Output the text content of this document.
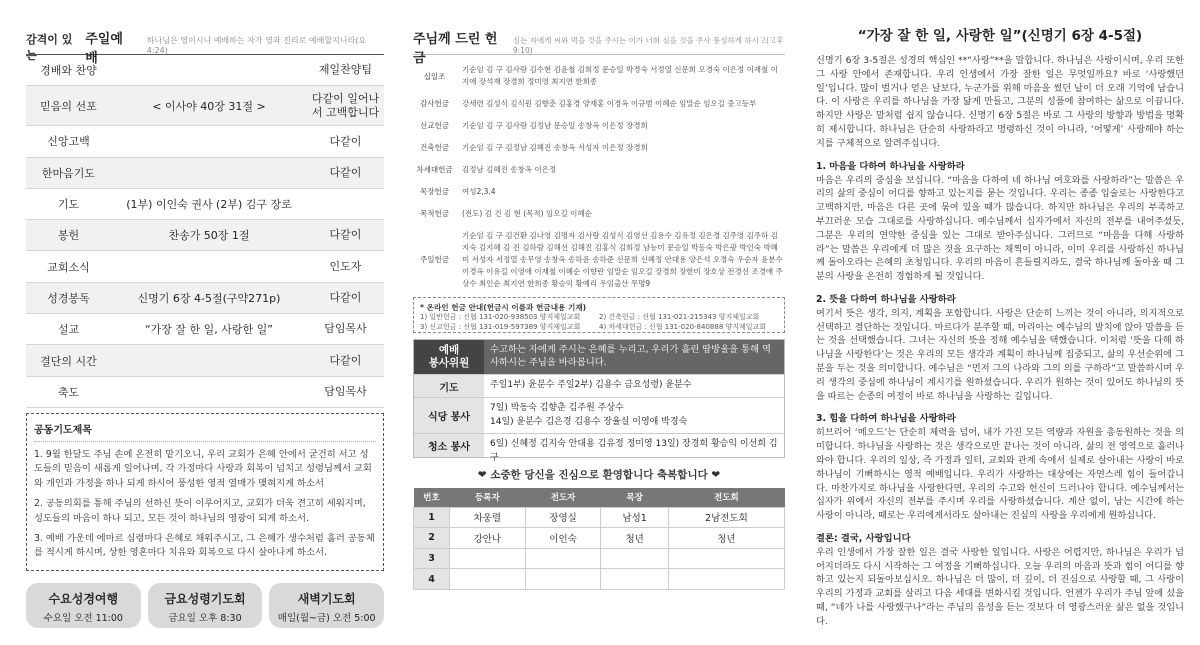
감격이 있는
주일예배
하나님은 영이시니 예배하는 자가 영과 진리로 예배할지니라(요4:24)
경배와 찬양		제일찬양팀
믿음의 선포	< 이사야 40장 31절 >	다같이 일어나서 고백합니다
신앙고백		다같이
한마음기도		다같이
기도	(1부) 이인숙 권사 (2부) 김구 장로	
봉헌	찬송가 50장 1절	다같이
교회소식		인도자
성경봉독	신명기 6장 4-5절(구약271p)	다같이
설교	“가장 잘 한 일, 사랑한 일”	담임목사
결단의 시간		다같이
축도		담임목사
공동기도제목
1. 9월 한달도 주님 손에 온전히 맡기오니, 우리 교회가 은혜 안에서 굳건히 서고 성도들의 믿음이 새롭게 일어나며, 각 가정마다 사랑과 회복이 넘치고 성령님께서 교회와 개인과 가정을 하나 되게 하시어 풍성한 영적 열매가 맺혀지게 하소서
2. 공동의회를 통해 주님의 선하신 뜻이 이루어지고, 교회가 더욱 견고히 세워지며, 성도들의 마음이 하나 되고, 모든 것이 하나님의 영광이 되게 하소서.
3. 예배 가운데 에마르 심령마다 은혜로 채워주시고, 그 은혜가 생수처럼 흘러 공동체를 적시게 하시며, 상한 영혼마다 치유와 회복으로 다시 살아나게 하소서.
수요성경여행
수요일 오전 11:00
금요성령기도회
금요일 오후 8:30
새벽기도회
매일(월~금) 오전 5:00
주님께 드린 헌금
심는 자에게 씨와 먹을 것을 주시는 이가 너희 심을 것을 주사 풍성하게 하시고(고후9:10)
십일조
기순임 김 구 김사랑 김수현 김윤철 김희정 문승일 박경숙 서정열 신문희 오경숙 이은정 이재철 이지애 장석재 장경희 정미영 최지연 한희종
감사헌금	강세련 김성식 김식원 김향춘 김홍경 양재홍 이경옥 이규범 이혜순 임말순 임오길 중고등부
선교헌금	기순임 김 구 김사랑 김정남 문승일 송창옥 이은정 장경희
건축헌금	기순임 김 구 김정남 김혜진 송창옥 서성자 이은정 장경희
차세대헌금	김정남 김혜진 송창옥 이은정
목장헌금	여성2,3,4
목적헌금	(전도) 김 건 김 현 (목적) 임오길 이혜순
주일헌금
기순임 김 구 김건환 김나영 김명자 김사랑 김성식 김영선 김용수 김유정 김은경 김주영 김주하 김지숙 김지혜 김 진 김하람 김해선 김해진 김홍식 김희정 남능미 문승일 박동숙 박은광 박인숙 박혜미 서성자 서정열 송무영 송창옥 송하윤 송하준 신문희 신혜정 안대용 양은석 오경숙 우순자 윤분수 이경옥 이유길 이영애 이재철 이혜순 이향란 임말순 임오길 장경희 장한미 장호상 전경선 조경애 주상수 최인순 최지연 한희종 황승익 황예리 우임출산 무명9
* 온라인 헌금 안내(헌금시 이름과 헌금내용 기재)
1) 일반헌금 : 신협 131-020-938503 양지제일교회	2) 건축헌금 : 신협 131-021-215343 양지제일교회
3) 선교헌금 : 신협 131-019-597389 양지제일교회	4) 차세대헌금 : 신협 131-020-840888 양지제일교회
예배
봉사위원
수고하는 자에게 주시는 은혜를 누리고, 우리가 흘린 땀방울을 통해 역사하시는 주님을 바라봅니다.
기도	주일1부) 윤분수 주일2부) 김용수 금요성령) 윤분수
식당 봉사
7일) 박동숙 김향춘 김주원 주상수
14일) 윤분수 김은경 김용수 장율실 이영애 박경숙
청소 봉사	6일) 신혜정 김지숙 안대용 김유정 정미영 13일) 장경희 황승익 이선희 김구
❤ 소중한 당신을 진심으로 환영합니다 축복합니다 ❤
번호	등록자	전도자	목장	전도회
1	차웅렬	장영실	남성1	2남전도회
2	강안나	이인숙	청년	청년
3				
4				
“가장 잘 한 일, 사랑한 일”(신명기 6장 4-5절)
신명기 6장 3-5절은 성경의 핵심인 **“사랑”**을 말합니다. 하나님은 사랑이시며, 우리 또한 그 사랑 안에서 존재합니다. 우리 인생에서 가장 잘한 일은 무엇일까요? 바로 ‘사랑했던 일’입니다. 많이 벌거나 얻은 날보다, 누군가를 위해 마음을 썼던 날이 더 오래 기억에 남습니다. 이 사랑은 우리를 하나님을 가장 닮게 만들고, 그분의 성품에 참여하는 삶으로 이끕니다. 하지만 사랑은 말처럼 쉽지 않습니다. 신명기 6장 5절은 바로 그 사랑의 방향과 방법을 명확히 제시합니다. 하나님은 단순히 사랑하라고 명령하신 것이 아니라, ‘어떻게’ 사랑해야 하는지를 구체적으로 알려주십니다.
1. 마음을 다하여 하나님을 사랑하라
마음은 우리의 중심을 보십니다. “마음을 다하여 네 하나님 여호와를 사랑하라”는 말씀은 우리의 삶의 중심이 어디를 향하고 있는지를 묻는 것입니다. 우리는 종종 입술로는 사랑한다고 고백하지만, 마음은 다른 곳에 묶여 있을 때가 많습니다. 하지만 하나님은 우리의 부족하고 부끄러운 모습 그대로를 사랑하십니다. 예수님께서 십자가에서 자신의 전부를 내어주셨듯, 그분은 우리의 연약한 중심을 있는 그대로 받아주십니다. 그러므로 “마음을 다해 사랑하라”는 말씀은 우리에게 더 많은 것을 요구하는 채찍이 아니라, 이미 우리를 사랑하신 하나님께 돌아오라는 은혜의 초청입니다. 우리의 마음이 흔들릴지라도, 결국 하나님께 돌아올 때 그분의 사랑을 온전히 경험하게 될 것입니다.
2. 뜻을 다하여 하나님을 사랑하라
여기서 뜻은 생각, 의지, 계획을 포함합니다. 사랑은 단순히 느끼는 것이 아니라, 의지적으로 선택하고 결단하는 것입니다. 마르다가 분주할 때, 마리아는 예수님의 발치에 앉아 말씀을 듣는 것을 선택했습니다. 그녀는 자신의 뜻을 정해 예수님을 택했습니다. 이처럼 ‘뜻을 다해 하나님을 사랑한다’는 것은 우리의 모든 생각과 계획이 하나님께 집중되고, 삶의 우선순위에 그분을 두는 것을 의미합니다. 예수님은 “먼저 그의 나라와 그의 의를 구하라”고 말씀하시며 우리 생각의 중심에 하나님이 계시기를 원하셨습니다. 우리가 원하는 것이 있어도 하나님의 뜻을 따르는 순종의 여정이 바로 하나님을 사랑하는 길입니다.
3. 힘을 다하여 하나님을 사랑하라
히브리어 ‘메오드’는 단순히 체력을 넘어, 내가 가진 모든 역량과 자원을 총동원하는 것을 의미합니다. 하나님을 사랑하는 것은 생각으로만 끝나는 것이 아니라, 삶의 전 영역으로 흘러나와야 합니다. 우리의 일상, 즉 가정과 일터, 교회와 관계 속에서 실제로 살아내는 사랑이 바로 하나님이 기뻐하시는 영적 예배입니다. 우리가 사랑하는 대상에는 자연스레 힘이 들어갑니다. 마찬가지로 하나님을 사랑한다면, 우리의 수고와 헌신이 드러나야 합니다. 예수님께서는 십자가 위에서 자신의 전부를 주시며 우리를 사랑하셨습니다. 계산 없이, 남는 시간에 하는 사랑이 아니라, 때로는 우리에게서라도 살아내는 진심의 사랑을 우리에게 원하십니다.
결론: 결국, 사랑입니다
우리 인생에서 가장 잘한 일은 결국 사랑한 일입니다. 사랑은 어렵지만, 하나님은 우리가 넘어지더라도 다시 시작하는 그 여정을 기뻐하십니다. 오늘 우리의 마음과 뜻과 힘이 어디를 향하고 있는지 되돌아보십시오. 하나님은 더 많이, 더 깊이, 더 진심으로 사랑할 때, 그 사랑이 우리의 가정과 교회를 살리고 다음 세대를 변화시킬 것입니다. 언젠가 우리가 주님 앞에 섰을 때, “네가 나를 사랑했구나”라는 주님의 음성을 듣는 것보다 더 영광스러운 삶은 없을 것입니다.
